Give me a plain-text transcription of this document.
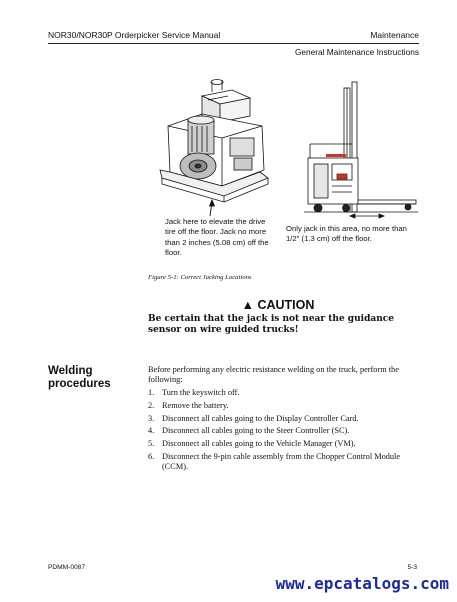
NOR30/NOR30P Orderpicker Service Manual	Maintenance
General Maintenance Instructions
Jack here to elevate the drive tire off the floor. Jack no more than 2 inches (5.08 cm) off the floor.
Only jack in this area, no more than 1/2" (1.3 cm) off the floor.
Figure 5-1: Correct Jacking Locations
▲ CAUTION
Be certain that the jack is not near the guidance sensor on wire guided trucks!
Welding procedures
Before performing any electric resistance welding on the truck, perform the following:
1. Turn the keyswitch off.
2. Remove the battery.
3. Disconnect all cables going to the Display Controller Card.
4. Disconnect all cables going to the Steer Controller (SC).
5. Disconnect all cables going to the Vehicle Manager (VM).
6. Disconnect the 9-pin cable assembly from the Chopper Control Module (CCM).
PDMM-0087	5-3
www.epcatalogs.com
